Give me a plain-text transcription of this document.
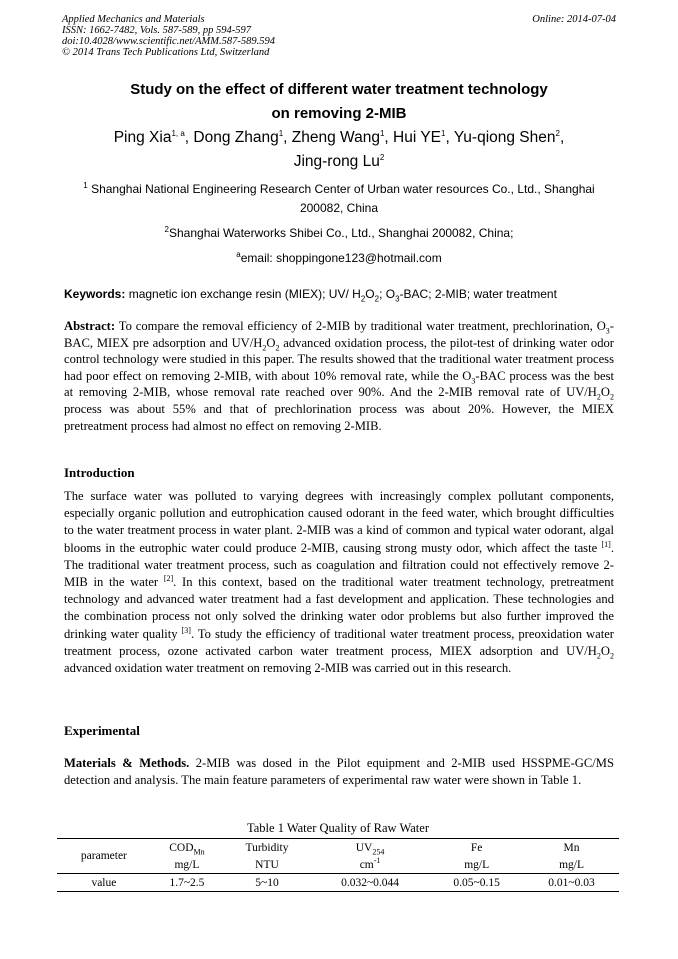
Applied Mechanics and Materials
ISSN: 1662-7482, Vols. 587-589, pp 594-597
doi:10.4028/www.scientific.net/AMM.587-589.594
© 2014 Trans Tech Publications Ltd, Switzerland
Online: 2014-07-04
Study on the effect of different water treatment technology
on removing 2-MIB
Ping Xia$^{1, a}$, Dong Zhang$^1$, Zheng Wang$^1$, Hui $YE^1$, Yu-qiong Shen$^2$,
Jing-rong Lu$^2$
$^1$ Shanghai National Engineering Research Center of Urban water resources Co., Ltd., Shanghai
200082, China
$^2$Shanghai Waterworks Shibei Co., Ltd., Shanghai 200082, China;
$^a$email: shoppingone123@hotmail.com
Keywords: magnetic ion exchange resin (MIEX); UV/ $H_2O_2$; $O_3$-BAC; 2-MIB; water treatment
Abstract: To compare the removal efficiency of 2-MIB by traditional water treatment, prechlorination, $O_3$-BAC, MIEX pre adsorption and $UV/H_2O_2$ advanced oxidation process, the pilot-test of drinking water odor control technology were studied in this paper. The results showed that the traditional water treatment process had poor effect on removing 2-MIB, with about 10% removal rate, while the $O_3$-BAC process was the best at removing 2-MIB, whose removal rate reached over 90%. And the 2-MIB removal rate of $UV/H_2O_2$ process was about 55% and that of prechlorination process was about 20%. However, the MIEX pretreatment process had almost no effect on removing 2-MIB.
Introduction
The surface water was polluted to varying degrees with increasingly complex pollutant components, especially organic pollution and eutrophication caused odorant in the feed water, which brought difficulties to the water treatment process in water plant. 2-MIB was a kind of common and typical water odorant, algal blooms in the eutrophic water could produce 2-MIB, causing strong musty odor, which affect the taste [1]. The traditional water treatment process, such as coagulation and filtration could not effectively remove 2-MIB in the water [2]. In this context, based on the traditional water treatment technology, pretreatment technology and advanced water treatment had a fast development and application. These technologies and the combination process not only solved the drinking water odor problems but also further improved the drinking water quality [3]. To study the efficiency of traditional water treatment process, preoxidation water treatment process, ozone activated carbon water treatment process, MIEX adsorption and $UV/H_2O_2$ advanced oxidation water treatment on removing 2-MIB was carried out in this research.
Experimental
Materials & Methods. 2-MIB was dosed in the Pilot equipment and 2-MIB used HSSPME-GC/MS detection and analysis. The main feature parameters of experimental raw water were shown in Table 1.
Table 1 Water Quality of Raw Water
parameter	$COD_{Mn}$	Turbidity	$UV_{254}$	Fe	Mn
	mg/L	NTU	$cm^{-1}$	mg/L	mg/L
value	1.7~2.5	5~10	0.032~0.044	0.05~0.15	0.01~0.03
